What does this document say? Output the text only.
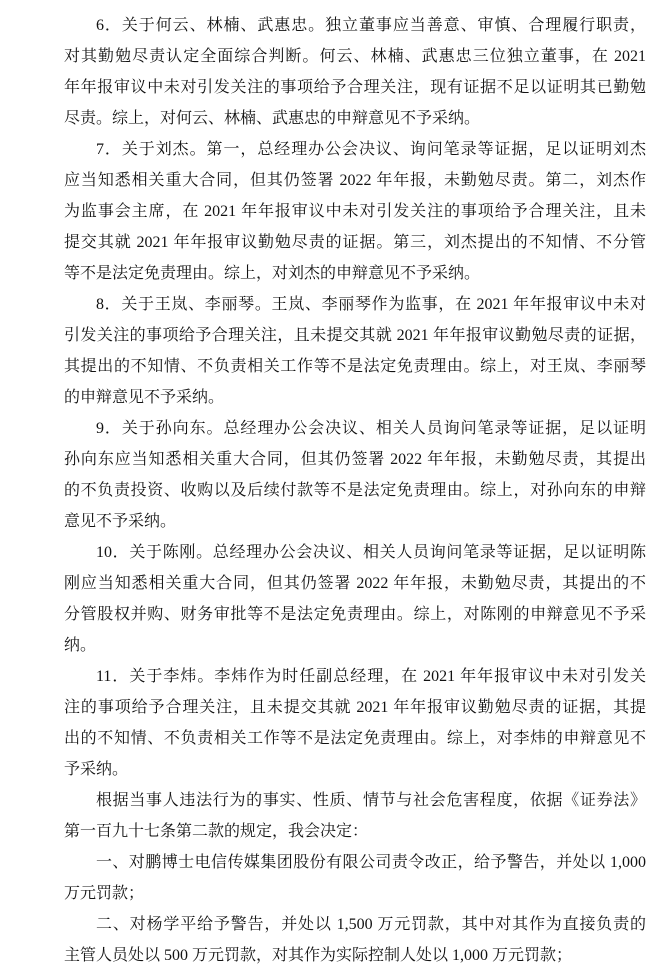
6．关于何云、林楠、武惠忠。独立董事应当善意、审慎、合理履行职责，
对其勤勉尽责认定全面综合判断。何云、林楠、武惠忠三位独立董事，在 2021
年年报审议中未对引发关注的事项给予合理关注，现有证据不足以证明其已勤勉
尽责。综上，对何云、林楠、武惠忠的申辩意见不予采纳。
7．关于刘杰。第一，总经理办公会决议、询问笔录等证据，足以证明刘杰
应当知悉相关重大合同，但其仍签署 2022 年年报，未勤勉尽责。第二，刘杰作
为监事会主席，在 2021 年年报审议中未对引发关注的事项给予合理关注，且未
提交其就 2021 年年报审议勤勉尽责的证据。第三，刘杰提出的不知情、不分管
等不是法定免责理由。综上，对刘杰的申辩意见不予采纳。
8．关于王岚、李丽琴。王岚、李丽琴作为监事，在 2021 年年报审议中未对
引发关注的事项给予合理关注，且未提交其就 2021 年年报审议勤勉尽责的证据，
其提出的不知情、不负责相关工作等不是法定免责理由。综上，对王岚、李丽琴
的申辩意见不予采纳。
9．关于孙向东。总经理办公会决议、相关人员询问笔录等证据，足以证明
孙向东应当知悉相关重大合同，但其仍签署 2022 年年报，未勤勉尽责，其提出
的不负责投资、收购以及后续付款等不是法定免责理由。综上，对孙向东的申辩
意见不予采纳。
10．关于陈刚。总经理办公会决议、相关人员询问笔录等证据，足以证明陈
刚应当知悉相关重大合同，但其仍签署 2022 年年报，未勤勉尽责，其提出的不
分管股权并购、财务审批等不是法定免责理由。综上，对陈刚的申辩意见不予采
纳。
11．关于李炜。李炜作为时任副总经理，在 2021 年年报审议中未对引发关
注的事项给予合理关注，且未提交其就 2021 年年报审议勤勉尽责的证据，其提
出的不知情、不负责相关工作等不是法定免责理由。综上，对李炜的申辩意见不
予采纳。
根据当事人违法行为的事实、性质、情节与社会危害程度，依据《证券法》
第一百九十七条第二款的规定，我会决定：
一、对鹏博士电信传媒集团股份有限公司责令改正，给予警告，并处以 1,000
万元罚款；
二、对杨学平给予警告，并处以 1,500 万元罚款，其中对其作为直接负责的
主管人员处以 500 万元罚款，对其作为实际控制人处以 1,000 万元罚款；
